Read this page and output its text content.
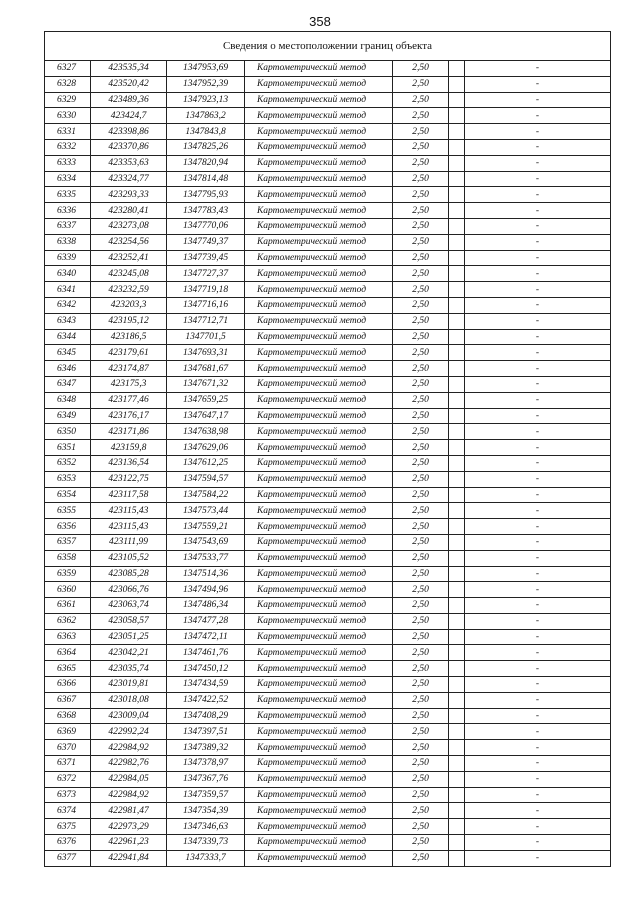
358
Сведения о местоположении границ объекта						
6327	423535,34	1347953,69	Картометрический метод	2,50		-
6328	423520,42	1347952,39	Картометрический метод	2,50		-
6329	423489,36	1347923,13	Картометрический метод	2,50		-
6330	423424,7	1347863,2	Картометрический метод	2,50		-
6331	423398,86	1347843,8	Картометрический метод	2,50		-
6332	423370,86	1347825,26	Картометрический метод	2,50		-
6333	423353,63	1347820,94	Картометрический метод	2,50		-
6334	423324,77	1347814,48	Картометрический метод	2,50		-
6335	423293,33	1347795,93	Картометрический метод	2,50		-
6336	423280,41	1347783,43	Картометрический метод	2,50		-
6337	423273,08	1347770,06	Картометрический метод	2,50		-
6338	423254,56	1347749,37	Картометрический метод	2,50		-
6339	423252,41	1347739,45	Картометрический метод	2,50		-
6340	423245,08	1347727,37	Картометрический метод	2,50		-
6341	423232,59	1347719,18	Картометрический метод	2,50		-
6342	423203,3	1347716,16	Картометрический метод	2,50		-
6343	423195,12	1347712,71	Картометрический метод	2,50		-
6344	423186,5	1347701,5	Картометрический метод	2,50		-
6345	423179,61	1347693,31	Картометрический метод	2,50		-
6346	423174,87	1347681,67	Картометрический метод	2,50		-
6347	423175,3	1347671,32	Картометрический метод	2,50		-
6348	423177,46	1347659,25	Картометрический метод	2,50		-
6349	423176,17	1347647,17	Картометрический метод	2,50		-
6350	423171,86	1347638,98	Картометрический метод	2,50		-
6351	423159,8	1347629,06	Картометрический метод	2,50		-
6352	423136,54	1347612,25	Картометрический метод	2,50		-
6353	423122,75	1347594,57	Картометрический метод	2,50		-
6354	423117,58	1347584,22	Картометрический метод	2,50		-
6355	423115,43	1347573,44	Картометрический метод	2,50		-
6356	423115,43	1347559,21	Картометрический метод	2,50		-
6357	423111,99	1347543,69	Картометрический метод	2,50		-
6358	423105,52	1347533,77	Картометрический метод	2,50		-
6359	423085,28	1347514,36	Картометрический метод	2,50		-
6360	423066,76	1347494,96	Картометрический метод	2,50		-
6361	423063,74	1347486,34	Картометрический метод	2,50		-
6362	423058,57	1347477,28	Картометрический метод	2,50		-
6363	423051,25	1347472,11	Картометрический метод	2,50		-
6364	423042,21	1347461,76	Картометрический метод	2,50		-
6365	423035,74	1347450,12	Картометрический метод	2,50		-
6366	423019,81	1347434,59	Картометрический метод	2,50		-
6367	423018,08	1347422,52	Картометрический метод	2,50		-
6368	423009,04	1347408,29	Картометрический метод	2,50		-
6369	422992,24	1347397,51	Картометрический метод	2,50		-
6370	422984,92	1347389,32	Картометрический метод	2,50		-
6371	422982,76	1347378,97	Картометрический метод	2,50		-
6372	422984,05	1347367,76	Картометрический метод	2,50		-
6373	422984,92	1347359,57	Картометрический метод	2,50		-
6374	422981,47	1347354,39	Картометрический метод	2,50		-
6375	422973,29	1347346,63	Картометрический метод	2,50		-
6376	422961,23	1347339,73	Картометрический метод	2,50		-
6377	422941,84	1347333,7	Картометрический метод	2,50		-
